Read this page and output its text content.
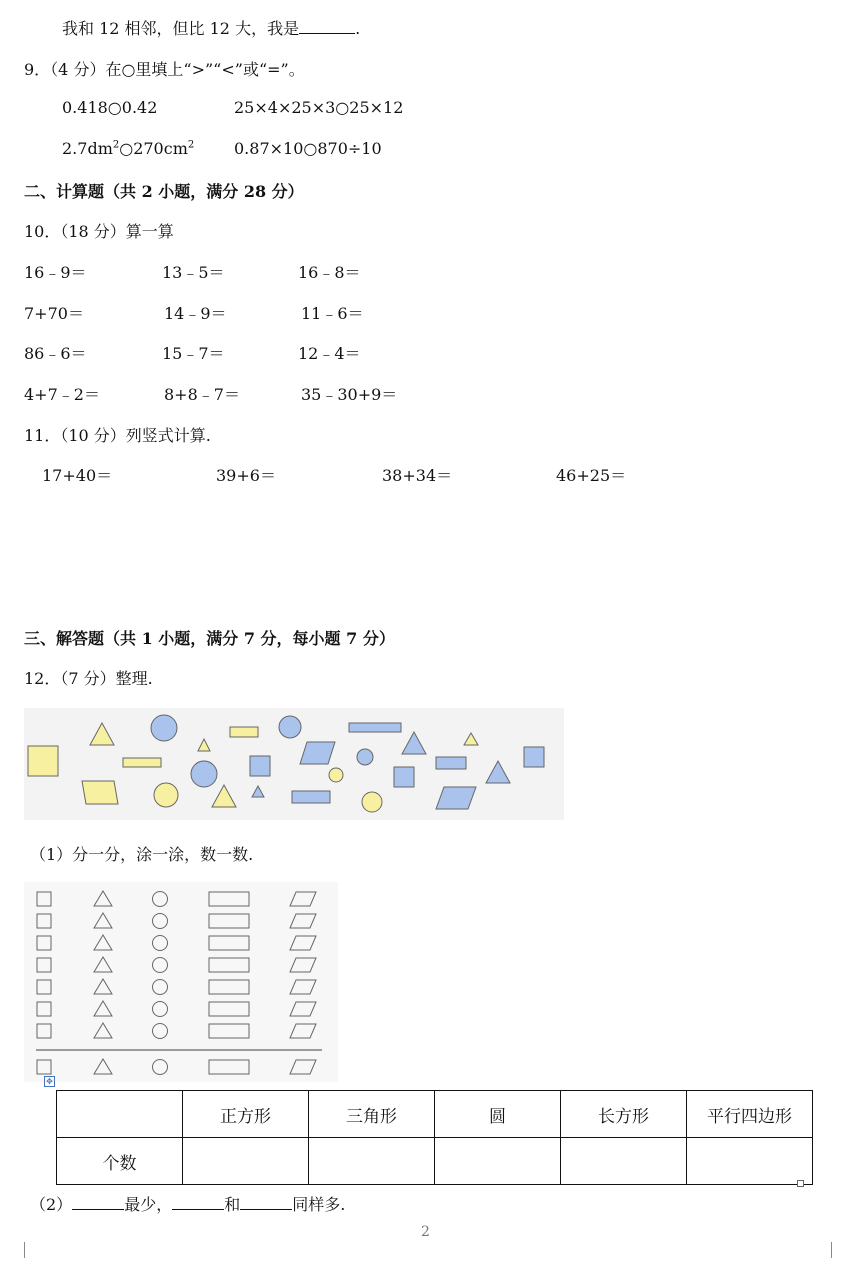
我和 12 相邻，但比 12 大，我是	.
9．（4 分）在○里填上“>”“<”或“=”。
0.418○0.42	25×4×25×3○25×12
$2.7dm^2○270cm^2$ 0.87×10○870÷10
二、计算题（共 2 小题，满分 28 分）
10．（18 分）算一算
16﹣9＝	13﹣5＝	16﹣8＝
7+70＝	14﹣9＝	11﹣6＝
86﹣6＝	15﹣7＝	12﹣4＝
4+7﹣2＝	8+8﹣7＝	35﹣30+9＝
11．（10 分）列竖式计算.
17+40＝	39+6＝	38+34＝	46+25＝
三、解答题（共 1 小题，满分 7 分，每小题 7 分）
12．（7 分）整理.
（1）分一分，涂一涂，数一数.
✥
	正方形	三角形	圆	长方形	平行四边形
个数					
（2）	最少，	和	同样多.
2
